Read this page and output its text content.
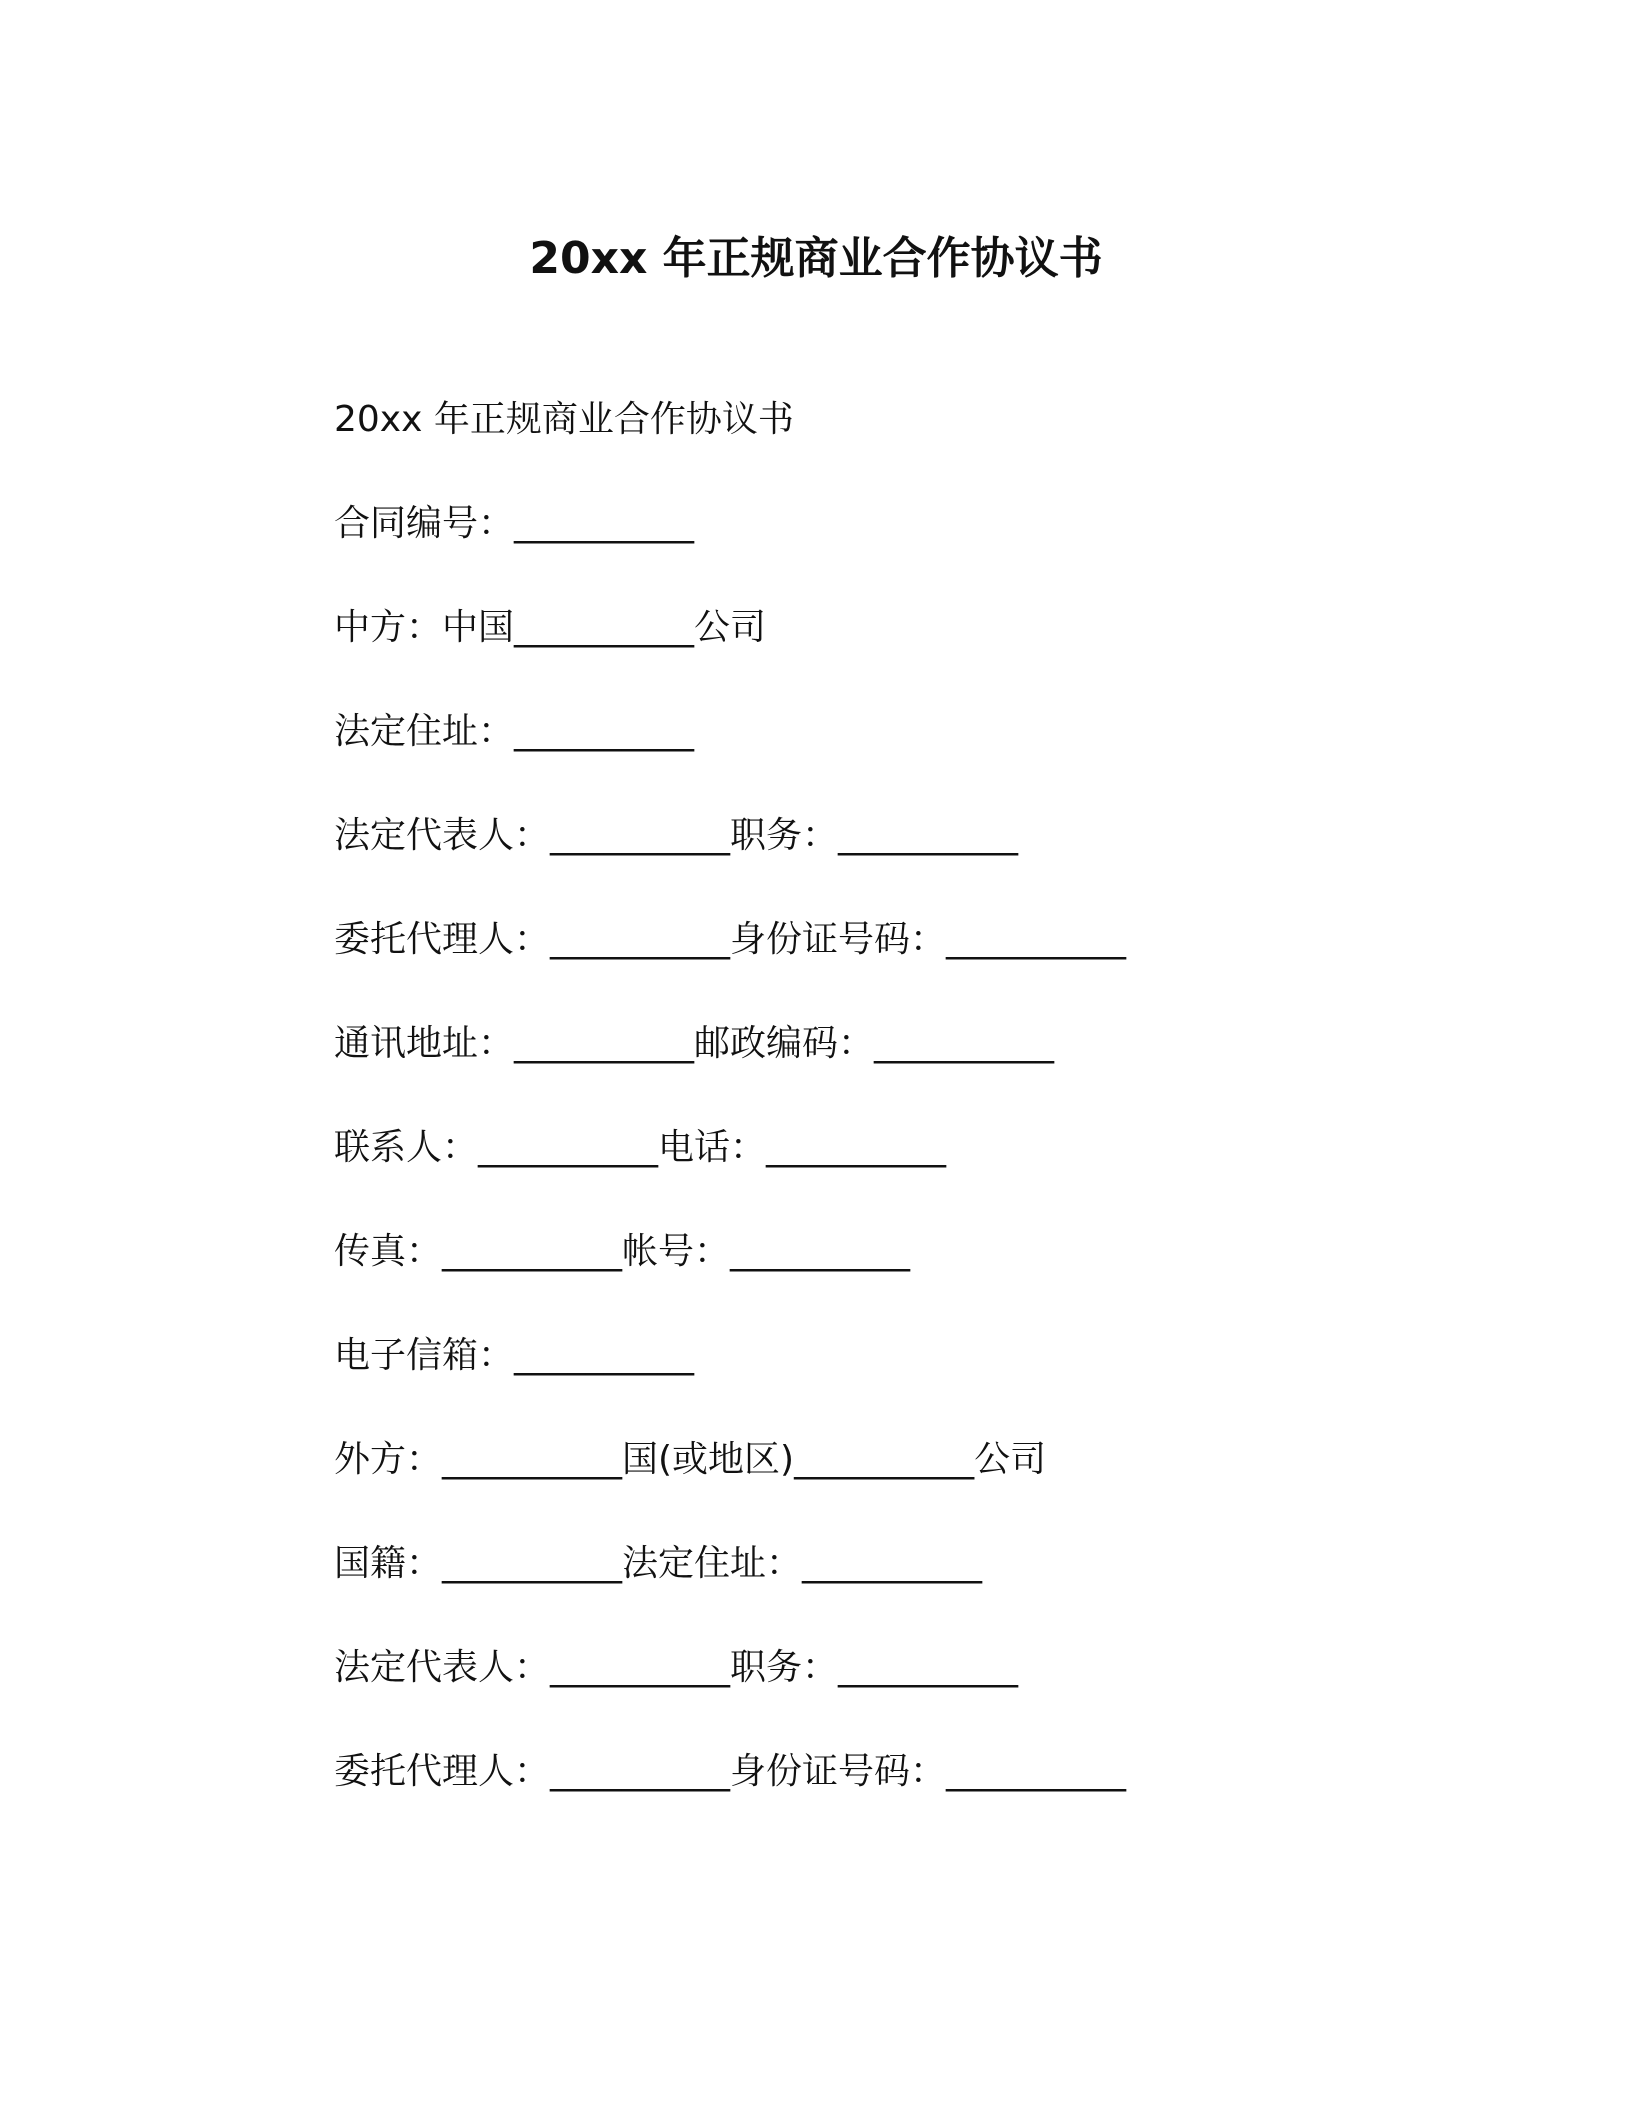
20xx 年正规商业合作协议书
20xx 年正规商业合作协议书
合同编号：__________
中方：中国__________公司
法定住址：__________
法定代表人：__________职务：__________
委托代理人：__________身份证号码：__________
通讯地址：__________邮政编码：__________
联系人：__________电话：__________
传真：__________帐号：__________
电子信箱：__________
外方：__________国(或地区)__________公司
国籍：__________法定住址：__________
法定代表人：__________职务：__________
委托代理人：__________身份证号码：__________
